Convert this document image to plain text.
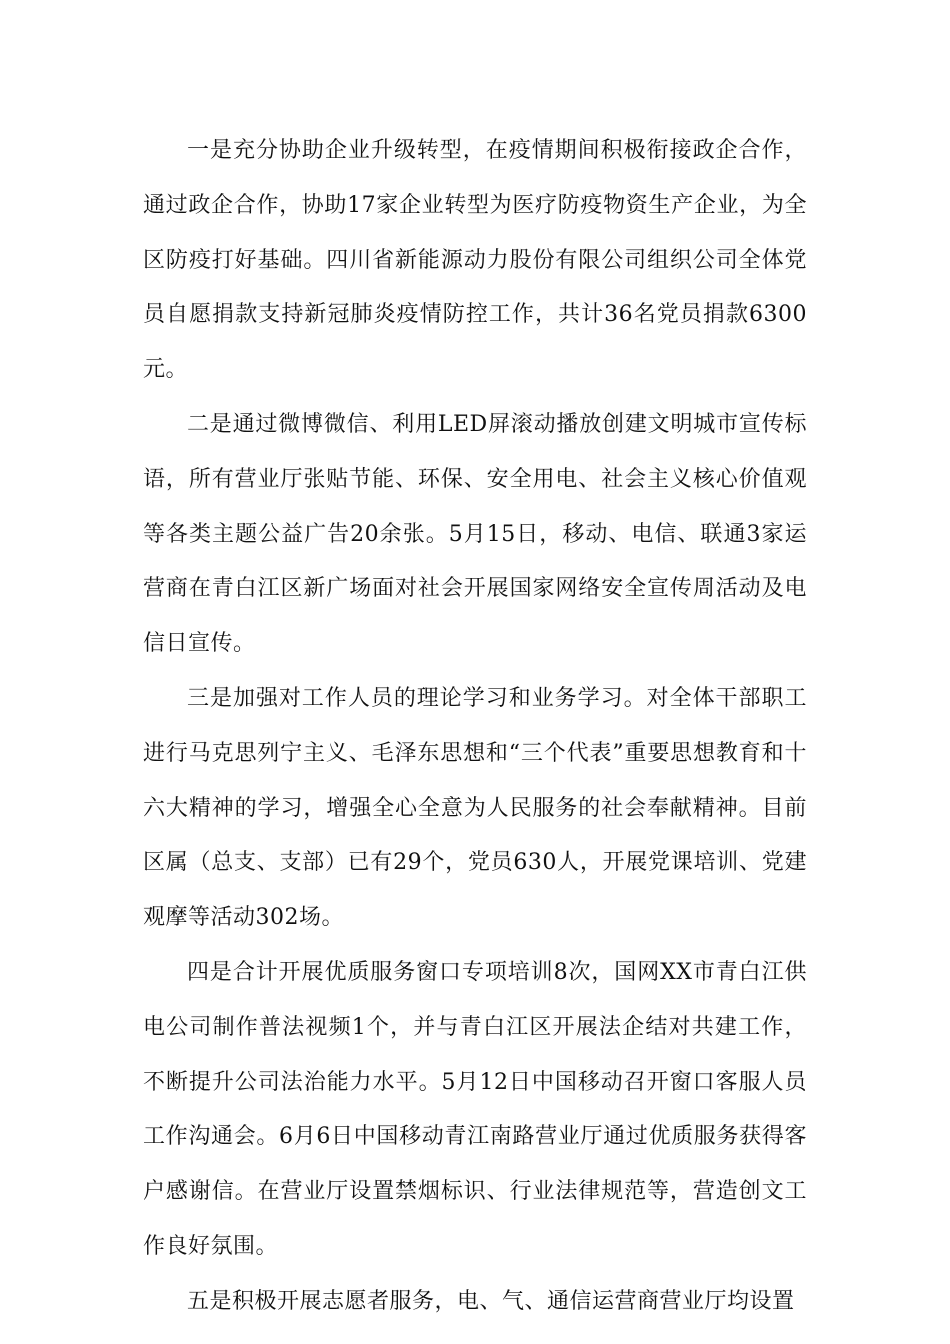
一是充分协助企业升级转型，在疫情期间积极衔接政企合作，通过政企合作，协助17家企业转型为医疗防疫物资生产企业，为全区防疫打好基础。四川省新能源动力股份有限公司组织公司全体党员自愿捐款支持新冠肺炎疫情防控工作，共计36名党员捐款6300元。

二是通过微博微信、利用LED屏滚动播放创建文明城市宣传标语，所有营业厅张贴节能、环保、安全用电、社会主义核心价值观等各类主题公益广告20余张。5月15日，移动、电信、联通3家运营商在青白江区新广场面对社会开展国家网络安全宣传周活动及电信日宣传。

三是加强对工作人员的理论学习和业务学习。对全体干部职工进行马克思列宁主义、毛泽东思想和“三个代表”重要思想教育和十六大精神的学习，增强全心全意为人民服务的社会奉献精神。目前区属（总支、支部）已有29个，党员630人，开展党课培训、党建观摩等活动302场。

四是合计开展优质服务窗口专项培训8次，国网XX市青白江供电公司制作普法视频1个，并与青白江区开展法企结对共建工作，不断提升公司法治能力水平。5月12日中国移动召开窗口客服人员工作沟通会。6月6日中国移动青江南路营业厅通过优质服务获得客户感谢信。在营业厅设置禁烟标识、行业法律规范等，营造创文工作良好氛围。

五是积极开展志愿者服务，电、气、通信运营商营业厅均设置
